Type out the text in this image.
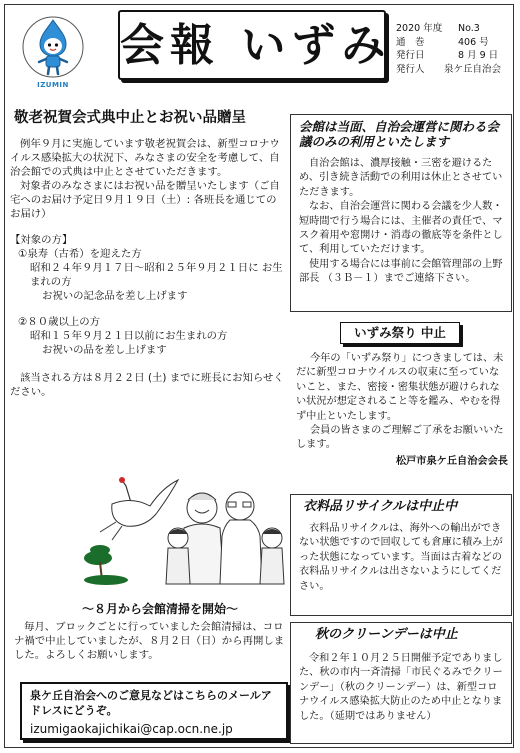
IZUMIN
会報 いずみ 2020 年度	No.3
通　巻	406 号
発行日	8 月 9 日
発行人	泉ケ丘自治会
敬老祝賀会式典中止とお祝い品贈呈

例年９月に実施しています敬老祝賀会は、新型コロナウイルス感染拡大の状況下、みなさまの安全を考慮して、自治会館での式典は中止とさせていただきます。

対象者のみなさまにはお祝い品を贈呈いたします（ご自宅へのお届け予定日９月１９日（土）: 各班長を通じてのお届け）

【対象の方】

①泉寿（古希）を迎えた方

昭和２４年９月１７日～昭和２５年９月２１日に お生まれの方

お祝いの記念品を差し上げます

②８０歳以上の方

昭和１５年９月２１日以前にお生まれの方

お祝いの品を差し上げます

該当される方は８月２２日 (土) までに班長にお知らせください。

～８月から会館清掃を開始～

毎月、ブロックごとに行っていました会館清掃は、コロナ禍で中止していましたが、８月２日（日）から再開しました。よろしくお願いします。

泉ケ丘自治会へのご意見などはこちらのメールアドレスにどうぞ。
izumigaokajichikai@cap.ocn.ne.jp
会館は当面、自治会運営に関わる会議のみの利用といたします
自治会館は、濃厚接触・三密を避けるため、引き続き活動での利用は休止とさせていただきます。
なお、自治会運営に関わる会議を少人数・短時間で行う場合には、主催者の責任で、マスク着用や窓開け・消毒の徹底等を条件として、利用していただけます。
使用する場合には事前に会館管理部の上野部長 （３Ｂ－１）までご連絡下さい。
いずみ祭り 中止
今年の「いずみ祭り」につきましては、未だに新型コロナウイルスの収束に至っていないこと、また、密接・密集状態が避けられない状況が想定されること等を鑑み、やむを得ず中止といたします。
会員の皆さまのご理解ご了承をお願いいたします。
松戸市泉ケ丘自治会会長
衣料品リサイクルは中止中
衣料品リサイクルは、海外への輸出ができない状態ですので回収しても倉庫に積み上がった状態になっています。当面は古着などの衣料品リサイクルは出さないようにしてください。
秋のクリーンデーは中止
令和２年１０月２５日開催予定でありました、秋の市内一斉清掃「市民ぐるみでクリーンデー」（秋のクリーンデー）は、新型コロナウイルス感染拡大防止のため中止となりました。（延期ではありません）
